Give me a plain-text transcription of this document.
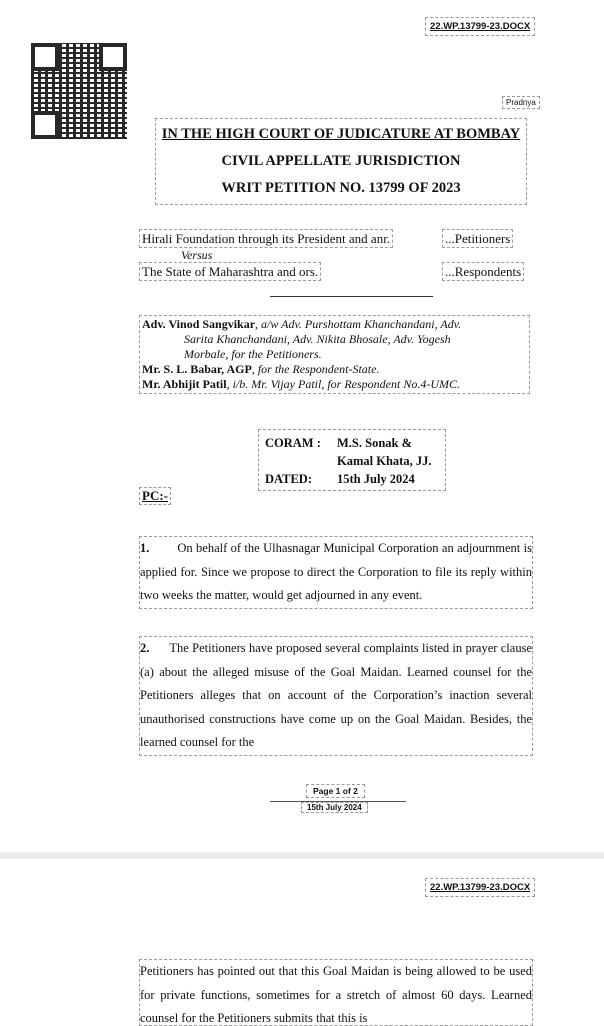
22.WP.13799-23.DOCX
Pradnya
IN THE HIGH COURT OF JUDICATURE AT BOMBAY
CIVIL APPELLATE JURISDICTION
WRIT PETITION NO. 13799 OF 2023
Hirali Foundation through its President and anr.	...Petitioners
Versus
The State of Maharashtra and ors.	...Respondents
Adv. Vinod Sangvikar, a/w Adv. Purshottam Khanchandani, Adv.
Sarita Khanchandani, Adv. Nikita Bhosale, Adv. Yogesh
Morbale, for the Petitioners.
Mr. S. L. Babar, AGP, for the Respondent-State.
Mr. Abhijit Patil, i/b. Mr. Vijay Patil, for Respondent No.4-UMC.
CORAM : M.S. Sonak &
Kamal Khata, JJ.
DATED: 15th July 2024
PC:-
1. On behalf of the Ulhasnagar Municipal Corporation an adjournment is applied for. Since we propose to direct the Corporation to file its reply within two weeks the matter, would get adjourned in any event.
2. The Petitioners have proposed several complaints listed in prayer clause (a) about the alleged misuse of the Goal Maidan. Learned counsel for the Petitioners alleges that on account of the Corporation’s inaction several unauthorised constructions have come up on the Goal Maidan. Besides, the learned counsel for the
Page 1 of 2
15th July 2024
22.WP.13799-23.DOCX
Petitioners has pointed out that this Goal Maidan is being allowed to be used for private functions, sometimes for a stretch of almost 60 days. Learned counsel for the Petitioners submits that this is
